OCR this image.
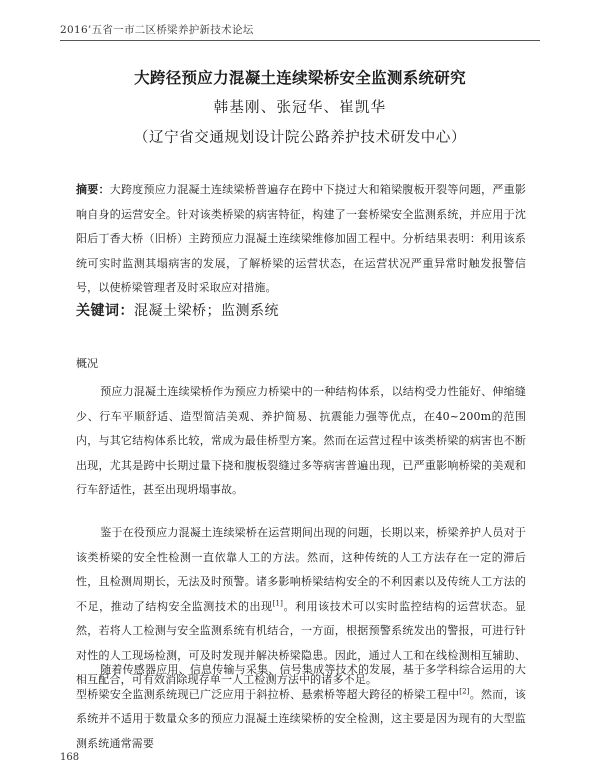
2016’五省一市二区桥梁养护新技术论坛
大跨径预应力混凝土连续梁桥安全监测系统研究
韩基刚、张冠华、崔凯华
（辽宁省交通规划设计院公路养护技术研发中心）

摘要：大跨度预应力混凝土连续梁桥普遍存在跨中下挠过大和箱梁腹板开裂等问题，严重影响自身的运营安全。针对该类桥梁的病害特征，构建了一套桥梁安全监测系统，并应用于沈阳后丁香大桥（旧桥）主跨预应力混凝土连续梁维修加固工程中。分析结果表明：利用该系统可实时监测其塌病害的发展，了解桥梁的运营状态，在运营状况严重异常时触发报警信号，以使桥梁管理者及时采取应对措施。

关键词：混凝土梁桥；监测系统
概况

预应力混凝土连续梁桥作为预应力桥梁中的一种结构体系，以结构受力性能好、伸缩缝少、行车平顺舒适、造型简洁美观、养护简易、抗震能力强等优点，在40~200m的范围内，与其它结构体系比较，常成为最佳桥型方案。然而在运营过程中该类桥梁的病害也不断出现，尤其是跨中长期过量下挠和腹板裂缝过多等病害普遍出现，已严重影响桥梁的美观和行车舒适性，甚至出现坍塌事故。

鉴于在役预应力混凝土连续梁桥在运营期间出现的问题，长期以来，桥梁养护人员对于该类桥梁的安全性检测一直依靠人工的方法。然而，这种传统的人工方法存在一定的滞后性，且检测周期长，无法及时预警。诸多影响桥梁结构安全的不利因素以及传统人工方法的不足，推动了结构安全监测技术的出现[1]。利用该技术可以实时监控结构的运营状态。显然，若将人工检测与安全监测系统有机结合，一方面，根据预警系统发出的警报，可进行针对性的人工现场检测，可及时发现并解决桥梁隐患。因此，通过人工和在线检测相互辅助、相互配合，可有效消除现存单一人工检测方法中的诸多不足。

随着传感器应用、信息传输与采集、信号集成等技术的发展，基于多学科综合运用的大型桥梁安全监测系统现已广泛应用于斜拉桥、悬索桥等超大跨径的桥梁工程中[2]。然而，该系统并不适用于数量众多的预应力混凝土连续梁桥的安全检测，这主要是因为现有的大型监测系统通常需要

168
